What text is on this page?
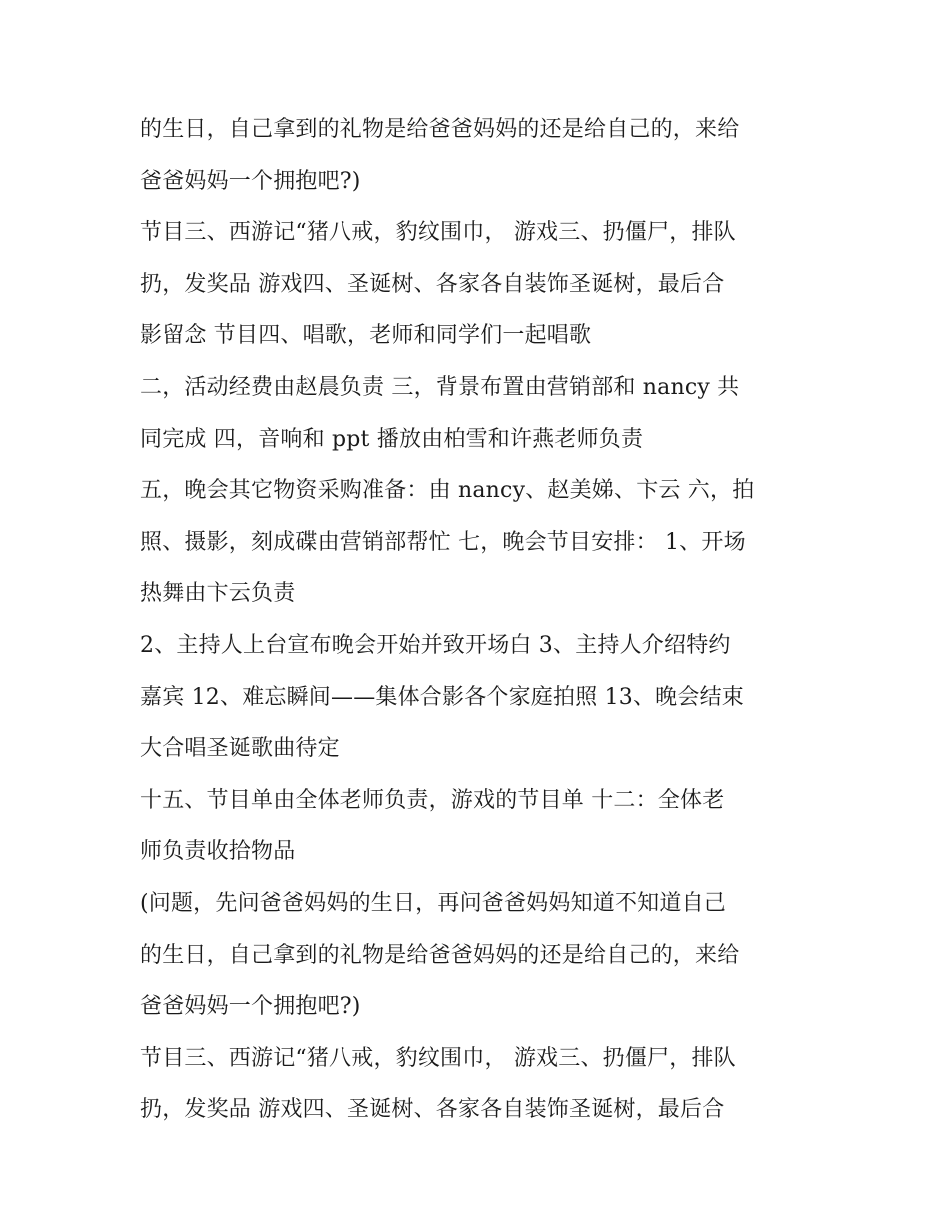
的生日，自己拿到的礼物是给爸爸妈妈的还是给自己的，来给
爸爸妈妈一个拥抱吧?)
节目三、西游记“猪八戒，豹纹围巾， 游戏三、扔僵尸，排队
扔，发奖品 游戏四、圣诞树、各家各自装饰圣诞树，最后合
影留念 节目四、唱歌，老师和同学们一起唱歌
二，活动经费由赵晨负责 三，背景布置由营销部和 nancy 共
同完成 四，音响和 ppt 播放由柏雪和许燕老师负责
五，晚会其它物资采购准备：由 nancy、赵美娣、卞云 六，拍
照、摄影，刻成碟由营销部帮忙 七，晚会节目安排： 1、开场
热舞由卞云负责
2、主持人上台宣布晚会开始并致开场白 3、主持人介绍特约
嘉宾 12、难忘瞬间——集体合影各个家庭拍照 13、晚会结束
大合唱圣诞歌曲待定
十五、节目单由全体老师负责，游戏的节目单 十二：全体老
师负责收拾物品
(问题，先问爸爸妈妈的生日，再问爸爸妈妈知道不知道自己
的生日，自己拿到的礼物是给爸爸妈妈的还是给自己的，来给
爸爸妈妈一个拥抱吧?)
节目三、西游记“猪八戒，豹纹围巾， 游戏三、扔僵尸，排队
扔，发奖品 游戏四、圣诞树、各家各自装饰圣诞树，最后合
